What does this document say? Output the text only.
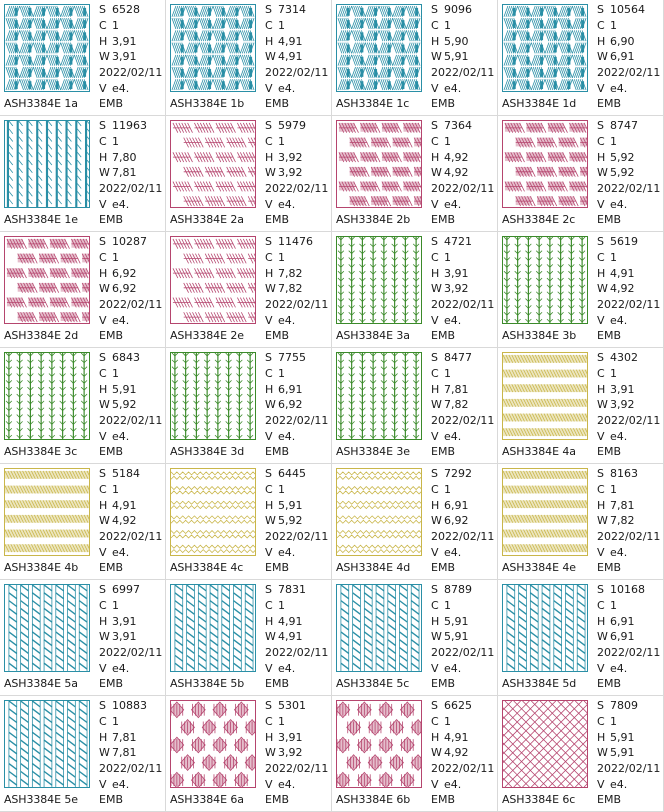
S 6528
C 1
H 3,91
W 3,91
2022/02/11
V e4.
ASH3384E 1a EMB
S 7314
C 1
H 4,91
W 4,91
2022/02/11
V e4.
ASH3384E 1b EMB
S 9096
C 1
H 5,90
W 5,91
2022/02/11
V e4.
ASH3384E 1c EMB
S 10564
C 1
H 6,90
W 6,91
2022/02/11
V e4.
ASH3384E 1d EMB
S 11963
C 1
H 7,80
W 7,81
2022/02/11
V e4.
ASH3384E 1e EMB
S 5979
C 1
H 3,92
W 3,92
2022/02/11
V e4.
ASH3384E 2a EMB
S 7364
C 1
H 4,92
W 4,92
2022/02/11
V e4.
ASH3384E 2b EMB
S 8747
C 1
H 5,92
W 5,92
2022/02/11
V e4.
ASH3384E 2c EMB
S 10287
C 1
H 6,92
W 6,92
2022/02/11
V e4.
ASH3384E 2d EMB
S 11476
C 1
H 7,82
W 7,82
2022/02/11
V e4.
ASH3384E 2e EMB
S 4721
C 1
H 3,91
W 3,92
2022/02/11
V e4.
ASH3384E 3a EMB
S 5619
C 1
H 4,91
W 4,92
2022/02/11
V e4.
ASH3384E 3b EMB
S 6843
C 1
H 5,91
W 5,92
2022/02/11
V e4.
ASH3384E 3c EMB
S 7755
C 1
H 6,91
W 6,92
2022/02/11
V e4.
ASH3384E 3d EMB
S 8477
C 1
H 7,81
W 7,82
2022/02/11
V e4.
ASH3384E 3e EMB
S 4302
C 1
H 3,91
W 3,92
2022/02/11
V e4.
ASH3384E 4a EMB
S 5184
C 1
H 4,91
W 4,92
2022/02/11
V e4.
ASH3384E 4b EMB
S 6445
C 1
H 5,91
W 5,92
2022/02/11
V e4.
ASH3384E 4c EMB
S 7292
C 1
H 6,91
W 6,92
2022/02/11
V e4.
ASH3384E 4d EMB
S 8163
C 1
H 7,81
W 7,82
2022/02/11
V e4.
ASH3384E 4e EMB
S 6997
C 1
H 3,91
W 3,91
2022/02/11
V e4.
ASH3384E 5a EMB
S 7831
C 1
H 4,91
W 4,91
2022/02/11
V e4.
ASH3384E 5b EMB
S 8789
C 1
H 5,91
W 5,91
2022/02/11
V e4.
ASH3384E 5c EMB
S 10168
C 1
H 6,91
W 6,91
2022/02/11
V e4.
ASH3384E 5d EMB
S 10883
C 1
H 7,81
W 7,81
2022/02/11
V e4.
ASH3384E 5e EMB
S 5301
C 1
H 3,91
W 3,92
2022/02/11
V e4.
ASH3384E 6a EMB
S 6625
C 1
H 4,91
W 4,92
2022/02/11
V e4.
ASH3384E 6b EMB
S 7809
C 1
H 5,91
W 5,91
2022/02/11
V e4.
ASH3384E 6c EMB
